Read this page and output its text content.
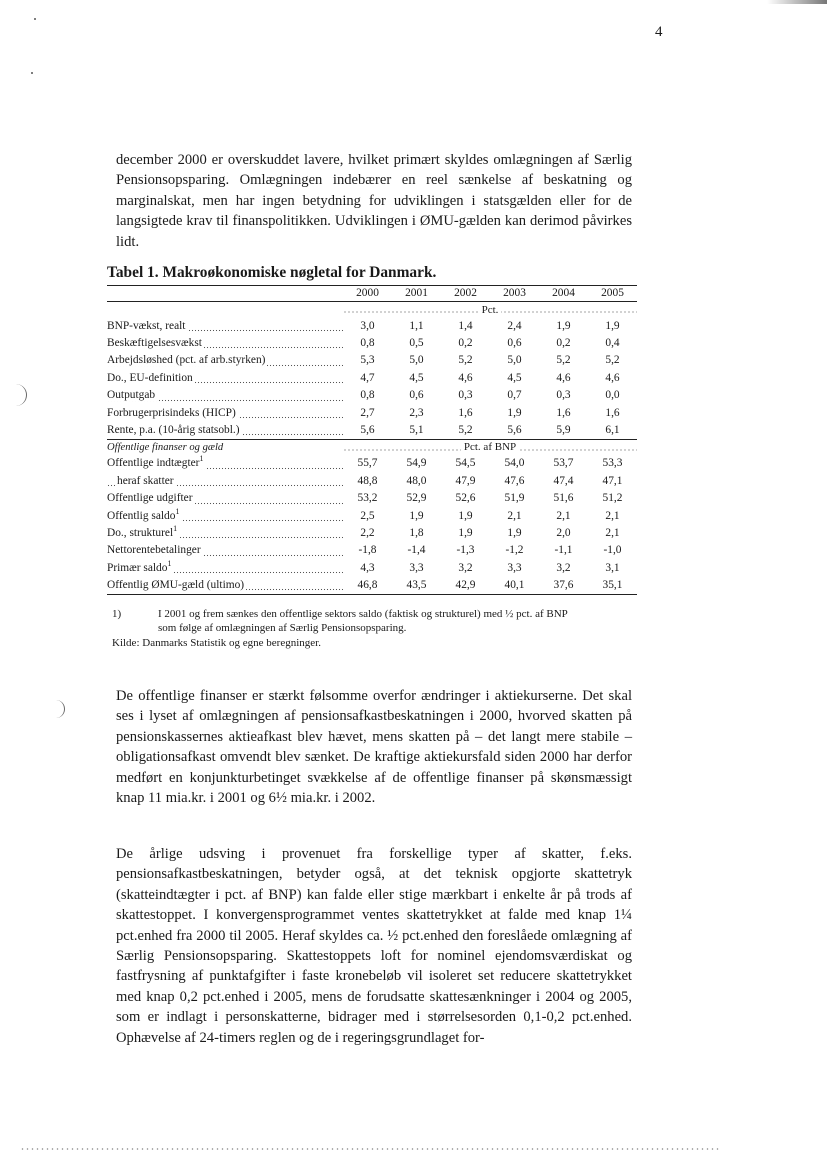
4

december 2000 er overskuddet lavere, hvilket primært skyldes omlægningen af Særlig Pensionsopsparing. Omlægningen indebærer en reel sænkelse af beskatning og marginalskat, men har ingen betydning for udviklingen i statsgælden eller for de langsigtede krav til finanspolitikken. Udviklingen i ØMU-gælden kan derimod påvirkes lidt.

Tabel 1. Makroøkonomiske nøgletal for Danmark.
	2000	2001	2002	2003	2004	2005
	Pct.					
BNP-vækst, realt	3,0	1,1	1,4	2,4	1,9	1,9
Beskæftigelsesvækst	0,8	0,5	0,2	0,6	0,2	0,4
Arbejdsløshed (pct. af arb.styrken)	5,3	5,0	5,2	5,0	5,2	5,2
Do., EU-definition	4,7	4,5	4,6	4,5	4,6	4,6
Outputgab	0,8	0,6	0,3	0,7	0,3	0,0
Forbrugerprisindeks (HICP)	2,7	2,3	1,6	1,9	1,6	1,6
Rente, p.a. (10-årig statsobl.)	5,6	5,1	5,2	5,6	5,9	6,1
Offentlige finanser og gæld	Pct. af BNP					
Offentlige indtægter$^1$	55,7	54,9	54,5	54,0	53,7	53,3
heraf skatter	48,8	48,0	47,9	47,6	47,4	47,1
Offentlige udgifter	53,2	52,9	52,6	51,9	51,6	51,2
Offentlig saldo$^1$	2,5	1,9	1,9	2,1	2,1	2,1
Do., strukturel$^1$	2,2	1,8	1,9	1,9	2,0	2,1
Nettorentebetalinger	-1,8	-1,4	-1,3	-1,2	-1,1	-1,0
Primær saldo$^1$	4,3	3,3	3,2	3,3	3,2	3,1
Offentlig ØMU-gæld (ultimo)	46,8	43,5	42,9	40,1	37,6	35,1
1)	I 2001 og frem sænkes den offentlige sektors saldo (faktisk og strukturel) med ½ pct. af BNP som følge af omlægningen af Særlig Pensionsopsparing.
Kilde: Danmarks Statistik og egne beregninger.

De offentlige finanser er stærkt følsomme overfor ændringer i aktiekurserne. Det skal ses i lyset af omlægningen af pensionsafkastbeskatningen i 2000, hvorved skatten på pensionskassernes aktieafkast blev hævet, mens skatten på – det langt mere stabile – obligationsafkast omvendt blev sænket. De kraftige aktiekursfald siden 2000 har derfor medført en konjunkturbetinget svækkelse af de offentlige finanser på skønsmæssigt knap 11 mia.kr. i 2001 og 6½ mia.kr. i 2002.

De årlige udsving i provenuet fra forskellige typer af skatter, f.eks. pensionsafkastbeskatningen, betyder også, at det teknisk opgjorte skattetryk (skatteindtægter i pct. af BNP) kan falde eller stige mærkbart i enkelte år på trods af skattestoppet. I konvergensprogrammet ventes skattetrykket at falde med knap 1¼ pct.enhed fra 2000 til 2005. Heraf skyldes ca. ½ pct.enhed den foreslåede omlægning af Særlig Pensionsopsparing. Skattestoppets loft for nominel ejendomsværdiskat og fastfrysning af punktafgifter i faste kronebeløb vil isoleret set reducere skattetrykket med knap 0,2 pct.enhed i 2005, mens de forudsatte skattesænkninger i 2004 og 2005, som er indlagt i personskatterne, bidrager med i størrelsesorden 0,1-0,2 pct.enhed. Ophævelse af 24-timers reglen og de i regeringsgrundlaget for-
